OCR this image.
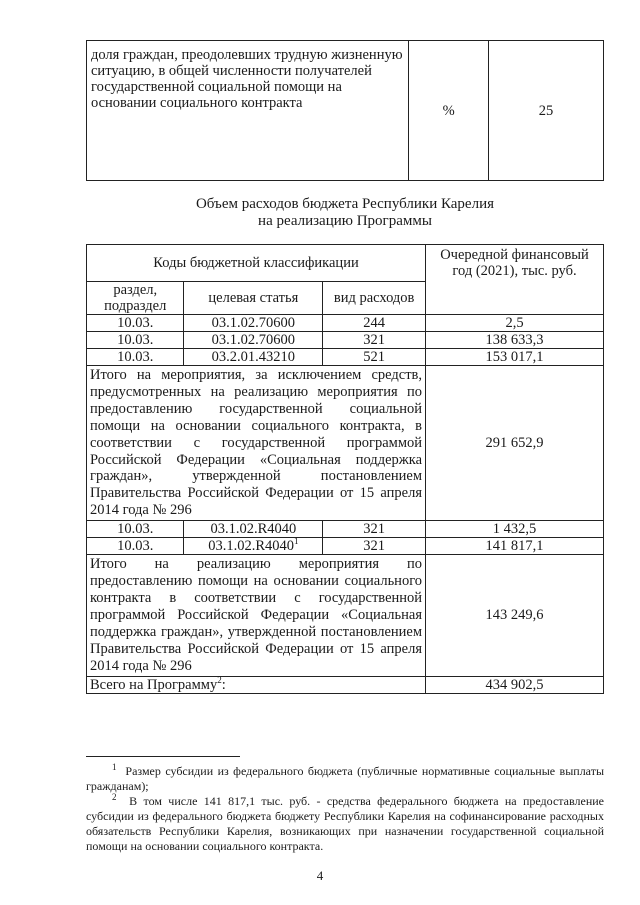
доля граждан, преодолевших трудную жизненную ситуацию, в общей численности получателей государственной социальной помощи на основании социального контракта	%	25
Объем расходов бюджета Республики Карелия
на реализацию Программы
Коды бюджетной классификации			Очередной финансовый год (2021), тыс. руб.
раздел, подраздел	целевая статья	вид расходов	
10.03.	03.1.02.70600	244	2,5
10.03.	03.1.02.70600	321	138 633,3
10.03.	03.2.01.43210	521	153 017,1
Итого на мероприятия, за исключением средств, предусмотренных на реализацию мероприятия по предоставлению государственной социальной помощи на основании социального контракта, в соответствии с государственной программой Российской Федерации «Социальная поддержка граждан», утвержденной постановлением Правительства Российской Федерации от 15 апреля 2014 года № 296			291 652,9
10.03.	03.1.02.R4040	321	1 432,5
10.03.	03.1.02.R4040$^1$	321	141 817,1
Итого на реализацию мероприятия по предоставлению помощи на основании социального контракта в соответствии с государственной программой Российской Федерации «Социальная поддержка граждан», утвержденной постановлением Правительства Российской Федерации от 15 апреля 2014 года № 296			143 249,6
Всего на Программу$^2$:			434 902,5
$^1$ Размер субсидии из федерального бюджета (публичные нормативные социальные выплаты гражданам);
$^2$ В том числе 141 817,1 тыс. руб. - средства федерального бюджета на предоставление субсидии из федерального бюджета бюджету Республики Карелия на софинансирование расходных обязательств Республики Карелия, возникающих при назначении государственной социальной помощи на основании социального контракта.
4
